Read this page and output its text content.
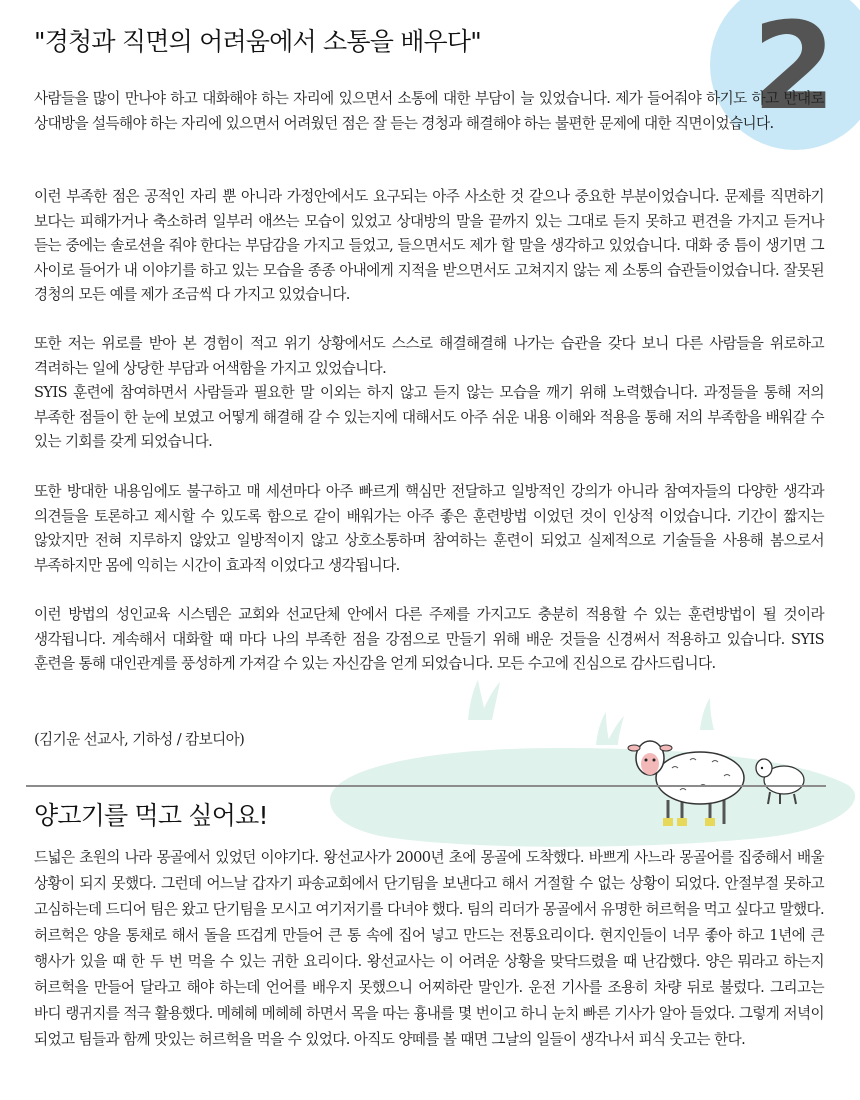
2
"경청과 직면의 어려움에서 소통을 배우다"

사람들을 많이 만나야 하고 대화해야 하는 자리에 있으면서 소통에 대한 부담이 늘 있었습니다. 제가 들어줘야 하기도 하고 반대로 상대방을 설득해야 하는 자리에 있으면서 어려웠던 점은 잘 듣는 경청과 해결해야 하는 불편한 문제에 대한 직면이었습니다.

이런 부족한 점은 공적인 자리 뿐 아니라 가정안에서도 요구되는 아주 사소한 것 같으나 중요한 부분이었습니다. 문제를 직면하기 보다는 피해가거나 축소하려 일부러 애쓰는 모습이 있었고 상대방의 말을 끝까지 있는 그대로 듣지 못하고 편견을 가지고 듣거나 듣는 중에는 솔로션을 줘야 한다는 부담감을 가지고 들었고, 들으면서도 제가 할 말을 생각하고 있었습니다. 대화 중 틈이 생기면 그 사이로 들어가 내 이야기를 하고 있는 모습을 종종 아내에게 지적을 받으면서도 고쳐지지 않는 제 소통의 습관들이었습니다. 잘못된 경청의 모든 예를 제가 조금씩 다 가지고 있었습니다.

또한 저는 위로를 받아 본 경험이 적고 위기 상황에서도 스스로 해결해결해 나가는 습관을 갖다 보니 다른 사람들을 위로하고 격려하는 일에 상당한 부담과 어색함을 가지고 있었습니다.
SYIS 훈련에 참여하면서 사람들과 필요한 말 이외는 하지 않고 듣지 않는 모습을 깨기 위해 노력했습니다. 과정들을 통해 저의 부족한 점들이 한 눈에 보였고 어떻게 해결해 갈 수 있는지에 대해서도 아주 쉬운 내용 이해와 적용을 통해 저의 부족함을 배워갈 수 있는 기회를 갖게 되었습니다.

또한 방대한 내용임에도 불구하고 매 세션마다 아주 빠르게 핵심만 전달하고 일방적인 강의가 아니라 참여자들의 다양한 생각과 의견들을 토론하고 제시할 수 있도록 함으로 같이 배워가는 아주 좋은 훈련방법 이었던 것이 인상적 이었습니다. 기간이 짧지는 않았지만 전혀 지루하지 않았고 일방적이지 않고 상호소통하며 참여하는 훈련이 되었고 실제적으로 기술들을 사용해 봄으로서 부족하지만 몸에 익히는 시간이 효과적 이었다고 생각됩니다.

이런 방법의 성인교육 시스템은 교회와 선교단체 안에서 다른 주제를 가지고도 충분히 적용할 수 있는 훈련방법이 될 것이라 생각됩니다. 계속해서 대화할 때 마다 나의 부족한 점을 강점으로 만들기 위해 배운 것들을 신경써서 적용하고 있습니다. SYIS 훈련을 통해 대인관계를 풍성하게 가져갈 수 있는 자신감을 얻게 되었습니다. 모든 수고에 진심으로 감사드립니다.

(김기운 선교사, 기하성 / 캄보디아)

양고기를 먹고 싶어요!

드넓은 초원의 나라 몽골에서 있었던 이야기다. 왕선교사가 2000년 초에 몽골에 도착했다. 바쁘게 사느라 몽골어를 집중해서 배울 상황이 되지 못했다. 그런데 어느날 갑자기 파송교회에서 단기팀을 보낸다고 해서 거절할 수 없는 상황이 되었다. 안절부절 못하고 고심하는데 드디어 팀은 왔고 단기팀을 모시고 여기저기를 다녀야 했다. 팀의 리더가 몽골에서 유명한 허르헉을 먹고 싶다고 말했다. 허르헉은 양을 통채로 해서 돌을 뜨겁게 만들어 큰 통 속에 집어 넣고 만드는 전통요리이다. 현지인들이 너무 좋아 하고 1년에 큰 행사가 있을 때 한 두 번 먹을 수 있는 귀한 요리이다. 왕선교사는 이 어려운 상황을 맞닥드렸을 때 난감했다. 양은 뭐라고 하는지 허르헉을 만들어 달라고 해야 하는데 언어를 배우지 못했으니 어찌하란 말인가. 운전 기사를 조용히 차량 뒤로 불렀다. 그리고는 바디 랭귀지를 적극 활용했다. 메헤헤 메헤헤 하면서 목을 따는 흉내를 몇 번이고 하니 눈치 빠른 기사가 알아 들었다. 그렇게 저녁이 되었고 팀들과 함께 맛있는 허르헉을 먹을 수 있었다. 아직도 양떼를 볼 때면 그날의 일들이 생각나서 피식 웃고는 한다.
